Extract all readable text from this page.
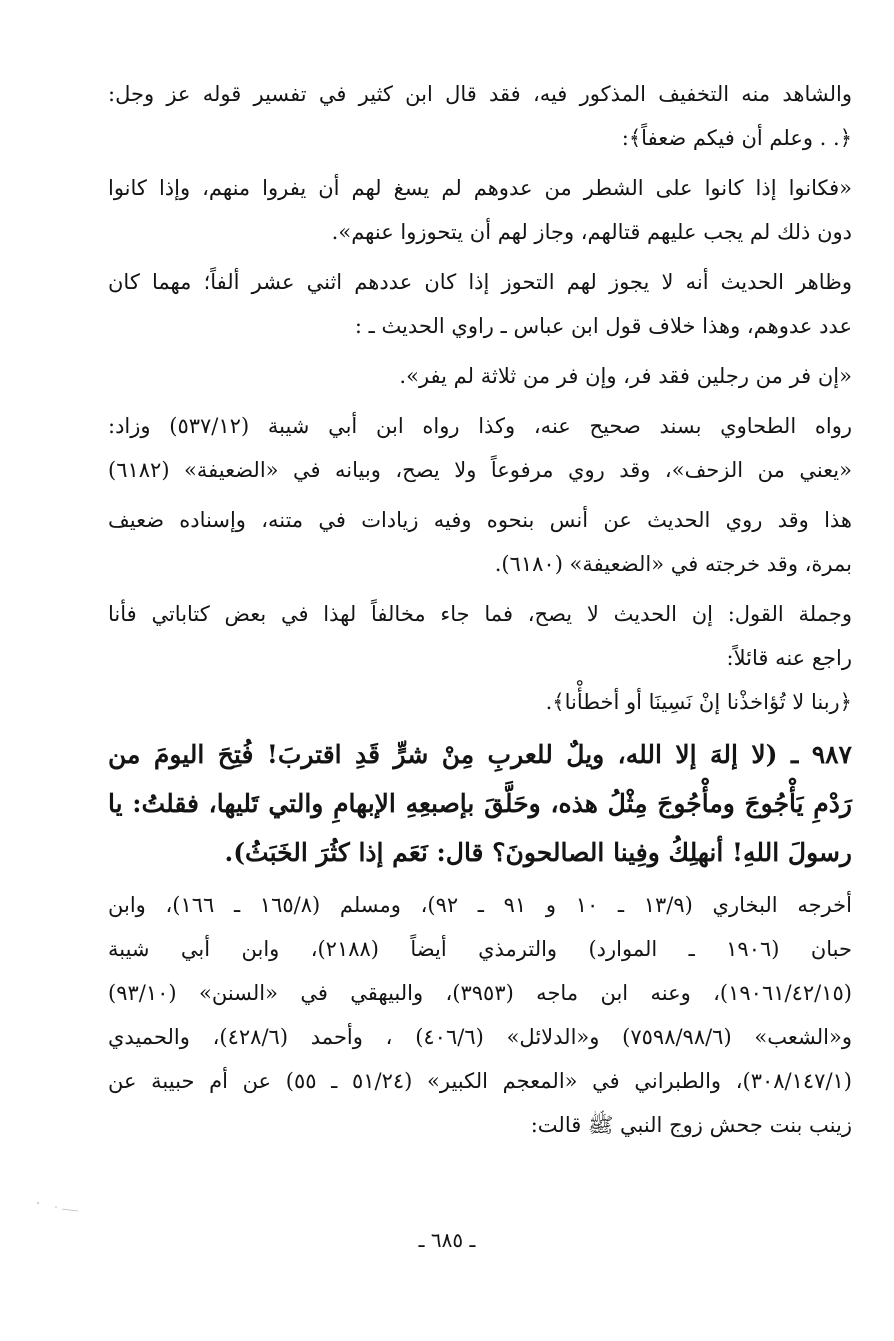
والشاهد منه التخفيف المذكور فيه، فقد قال ابن كثير في تفسير قوله عز وجل:
﴿. . وعلم أن فيكم ضعفاً﴾:
«فكانوا إذا كانوا على الشطر من عدوهم لم يسغ لهم أن يفروا منهم، وإذا كانوا
دون ذلك لم يجب عليهم قتالهم، وجاز لهم أن يتحوزوا عنهم».
وظاهر الحديث أنه لا يجوز لهم التحوز إذا كان عددهم اثني عشر ألفاً؛ مهما كان
عدد عدوهم، وهذا خلاف قول ابن عباس ـ راوي الحديث ـ :
«إن فر من رجلين فقد فر، وإن فر من ثلاثة لم يفر».
رواه الطحاوي بسند صحيح عنه، وكذا رواه ابن أبي شيبة (٥٣٧/١٢) وزاد:
«يعني من الزحف»، وقد روي مرفوعاً ولا يصح، وبيانه في «الضعيفة» (٦١٨٢)
هذا وقد روي الحديث عن أنس بنحوه وفيه زيادات في متنه، وإسناده ضعيف
بمرة، وقد خرجته في «الضعيفة» (٦١٨٠).
وجملة القول: إن الحديث لا يصح، فما جاء مخالفاً لهذا في بعض كتاباتي فأنا
راجع عنه قائلاً:
﴿ربنا لا تُؤاخذْنا إنْ نَسِينَا أو أخطأْنا﴾.
٩٨٧ ـ (لا إلهَ إلا الله، ويلٌ للعربِ مِنْ شرٍّ قَدِ اقتربَ! فُتِحَ اليومَ من
رَدْمِ يَأْجُوجَ ومأْجُوجَ مِثْلُ هذه، وحَلَّقَ بإصبعِهِ الإبهامِ والتي تَليها، فقلتُ: يا
رسولَ اللهِ! أنهلِكُ وفِينا الصالحونَ؟ قال: نَعَم إذا كثُرَ الخَبَثُ).
أخرجه البخاري (١٣/٩ ـ ١٠ و ٩١ ـ ٩٢)، ومسلم (١٦٥/٨ ـ ١٦٦)، وابن
حبان (١٩٠٦ ـ الموارد) والترمذي أيضاً (٢١٨٨)، وابن أبي شيبة
(١٩٠٦١/٤٢/١٥)، وعنه ابن ماجه (٣٩٥٣)، والبيهقي في «السنن» (٩٣/١٠)
و«الشعب» (٧٥٩٨/٩٨/٦) و«الدلائل» (٤٠٦/٦) ، وأحمد (٤٢٨/٦)، والحميدي
(٣٠٨/١٤٧/١)، والطبراني في «المعجم الكبير» (٥١/٢٤ ـ ٥٥) عن أم حبيبة عن
زينب بنت جحش زوج النبي ﷺ قالت:
ـ ٦٨٥ ـ
